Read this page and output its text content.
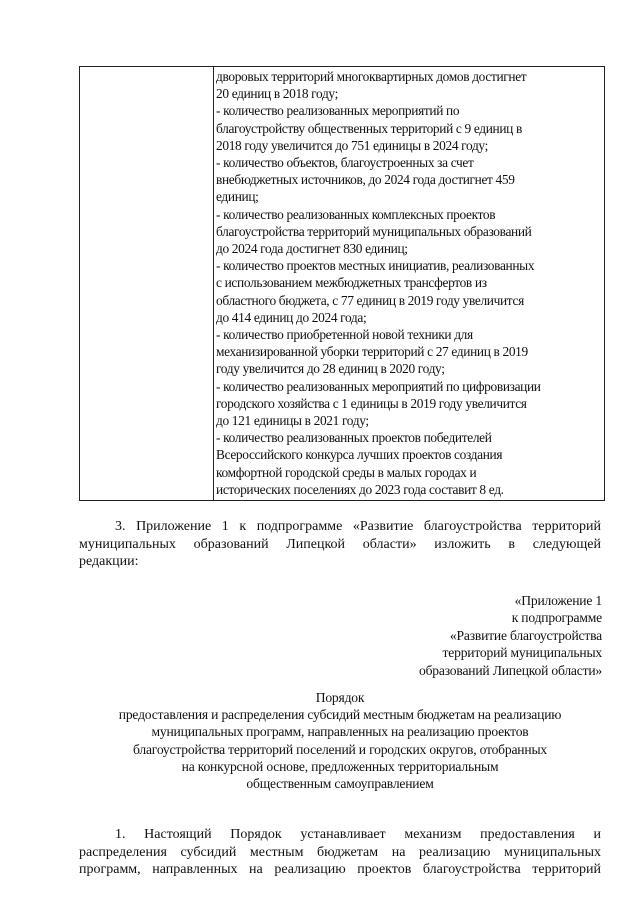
дворовых территорий многоквартирных домов достигнет
20 единиц в 2018 году;
- количество реализованных мероприятий по
благоустройству общественных территорий с 9 единиц в
2018 году увеличится до 751 единицы в 2024 году;
- количество объектов, благоустроенных за счет
внебюджетных источников, до 2024 года достигнет 459
единиц;
- количество реализованных комплексных проектов
благоустройства территорий муниципальных образований
до 2024 года достигнет 830 единиц;
- количество проектов местных инициатив, реализованных
с использованием межбюджетных трансфертов из
областного бюджета, с 77 единиц в 2019 году увеличится
до 414 единиц до 2024 года;
- количество приобретенной новой техники для
механизированной уборки территорий с 27 единиц в 2019
году увеличится до 28 единиц в 2020 году;
- количество реализованных мероприятий по цифровизации
городского хозяйства с 1 единицы в 2019 году увеличится
до 121 единицы в 2021 году;
- количество реализованных проектов победителей
Всероссийского конкурса лучших проектов создания
комфортной городской среды в малых городах и
исторических поселениях до 2023 года составит 8 ед.
3. Приложение 1 к подпрограмме «Развитие благоустройства территорий
муниципальных образований Липецкой области» изложить в следующей
редакции:
«Приложение 1
к подпрограмме
«Развитие благоустройства
территорий муниципальных
образований Липецкой области»
Порядок
предоставления и распределения субсидий местным бюджетам на реализацию
муниципальных программ, направленных на реализацию проектов
благоустройства территорий поселений и городских округов, отобранных
на конкурсной основе, предложенных территориальным
общественным самоуправлением
1. Настоящий Порядок устанавливает механизм предоставления и
распределения субсидий местным бюджетам на реализацию муниципальных
программ, направленных на реализацию проектов благоустройства территорий
